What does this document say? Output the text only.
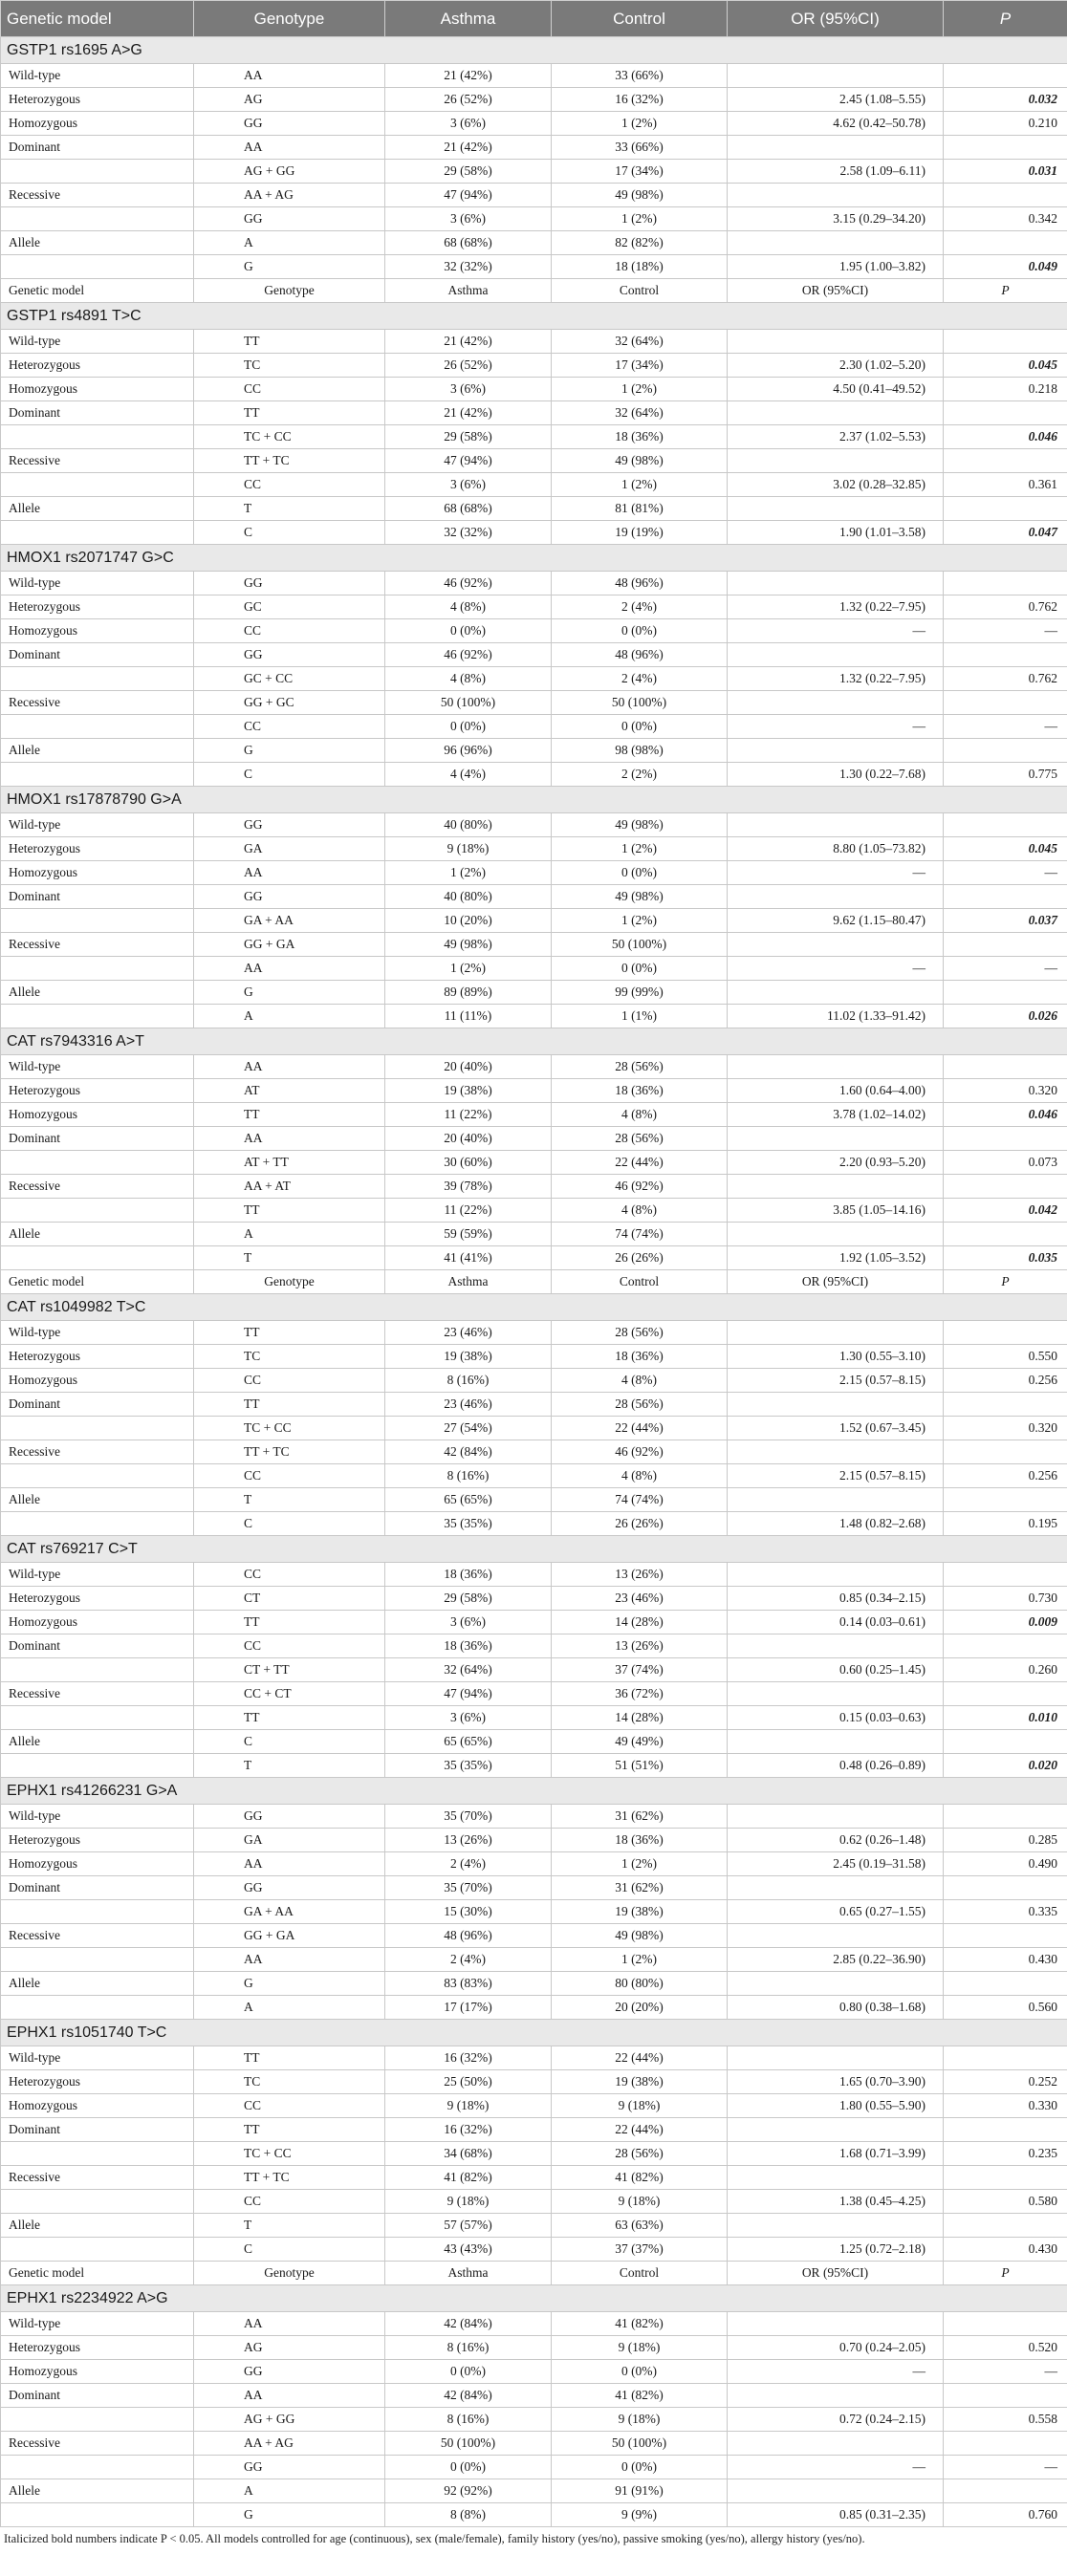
Genetic model	Genotype	Asthma	Control	OR (95%CI)	P
GSTP1 rs1695 A>G					
Wild-type	AA	21 (42%)	33 (66%)		
Heterozygous	AG	26 (52%)	16 (32%)	2.45 (1.08–5.55)	0.032
Homozygous	GG	3 (6%)	1 (2%)	4.62 (0.42–50.78)	0.210
Dominant	AA	21 (42%)	33 (66%)		
	AG + GG	29 (58%)	17 (34%)	2.58 (1.09–6.11)	0.031
Recessive	AA + AG	47 (94%)	49 (98%)		
	GG	3 (6%)	1 (2%)	3.15 (0.29–34.20)	0.342
Allele	A	68 (68%)	82 (82%)		
	G	32 (32%)	18 (18%)	1.95 (1.00–3.82)	0.049
Genetic model	Genotype	Asthma	Control	OR (95%CI)	P
GSTP1 rs4891 T>C					
Wild-type	TT	21 (42%)	32 (64%)		
Heterozygous	TC	26 (52%)	17 (34%)	2.30 (1.02–5.20)	0.045
Homozygous	CC	3 (6%)	1 (2%)	4.50 (0.41–49.52)	0.218
Dominant	TT	21 (42%)	32 (64%)		
	TC + CC	29 (58%)	18 (36%)	2.37 (1.02–5.53)	0.046
Recessive	TT + TC	47 (94%)	49 (98%)		
	CC	3 (6%)	1 (2%)	3.02 (0.28–32.85)	0.361
Allele	T	68 (68%)	81 (81%)		
	C	32 (32%)	19 (19%)	1.90 (1.01–3.58)	0.047
HMOX1 rs2071747 G>C					
Wild-type	GG	46 (92%)	48 (96%)		
Heterozygous	GC	4 (8%)	2 (4%)	1.32 (0.22–7.95)	0.762
Homozygous	CC	0 (0%)	0 (0%)	—	—
Dominant	GG	46 (92%)	48 (96%)		
	GC + CC	4 (8%)	2 (4%)	1.32 (0.22–7.95)	0.762
Recessive	GG + GC	50 (100%)	50 (100%)		
	CC	0 (0%)	0 (0%)	—	—
Allele	G	96 (96%)	98 (98%)		
	C	4 (4%)	2 (2%)	1.30 (0.22–7.68)	0.775
HMOX1 rs17878790 G>A					
Wild-type	GG	40 (80%)	49 (98%)		
Heterozygous	GA	9 (18%)	1 (2%)	8.80 (1.05–73.82)	0.045
Homozygous	AA	1 (2%)	0 (0%)	—	—
Dominant	GG	40 (80%)	49 (98%)		
	GA + AA	10 (20%)	1 (2%)	9.62 (1.15–80.47)	0.037
Recessive	GG + GA	49 (98%)	50 (100%)		
	AA	1 (2%)	0 (0%)	—	—
Allele	G	89 (89%)	99 (99%)		
	A	11 (11%)	1 (1%)	11.02 (1.33–91.42)	0.026
CAT rs7943316 A>T					
Wild-type	AA	20 (40%)	28 (56%)		
Heterozygous	AT	19 (38%)	18 (36%)	1.60 (0.64–4.00)	0.320
Homozygous	TT	11 (22%)	4 (8%)	3.78 (1.02–14.02)	0.046
Dominant	AA	20 (40%)	28 (56%)		
	AT + TT	30 (60%)	22 (44%)	2.20 (0.93–5.20)	0.073
Recessive	AA + AT	39 (78%)	46 (92%)		
	TT	11 (22%)	4 (8%)	3.85 (1.05–14.16)	0.042
Allele	A	59 (59%)	74 (74%)		
	T	41 (41%)	26 (26%)	1.92 (1.05–3.52)	0.035
Genetic model	Genotype	Asthma	Control	OR (95%CI)	P
CAT rs1049982 T>C					
Wild-type	TT	23 (46%)	28 (56%)		
Heterozygous	TC	19 (38%)	18 (36%)	1.30 (0.55–3.10)	0.550
Homozygous	CC	8 (16%)	4 (8%)	2.15 (0.57–8.15)	0.256
Dominant	TT	23 (46%)	28 (56%)		
	TC + CC	27 (54%)	22 (44%)	1.52 (0.67–3.45)	0.320
Recessive	TT + TC	42 (84%)	46 (92%)		
	CC	8 (16%)	4 (8%)	2.15 (0.57–8.15)	0.256
Allele	T	65 (65%)	74 (74%)		
	C	35 (35%)	26 (26%)	1.48 (0.82–2.68)	0.195
CAT rs769217 C>T					
Wild-type	CC	18 (36%)	13 (26%)		
Heterozygous	CT	29 (58%)	23 (46%)	0.85 (0.34–2.15)	0.730
Homozygous	TT	3 (6%)	14 (28%)	0.14 (0.03–0.61)	0.009
Dominant	CC	18 (36%)	13 (26%)		
	CT + TT	32 (64%)	37 (74%)	0.60 (0.25–1.45)	0.260
Recessive	CC + CT	47 (94%)	36 (72%)		
	TT	3 (6%)	14 (28%)	0.15 (0.03–0.63)	0.010
Allele	C	65 (65%)	49 (49%)		
	T	35 (35%)	51 (51%)	0.48 (0.26–0.89)	0.020
EPHX1 rs41266231 G>A					
Wild-type	GG	35 (70%)	31 (62%)		
Heterozygous	GA	13 (26%)	18 (36%)	0.62 (0.26–1.48)	0.285
Homozygous	AA	2 (4%)	1 (2%)	2.45 (0.19–31.58)	0.490
Dominant	GG	35 (70%)	31 (62%)		
	GA + AA	15 (30%)	19 (38%)	0.65 (0.27–1.55)	0.335
Recessive	GG + GA	48 (96%)	49 (98%)		
	AA	2 (4%)	1 (2%)	2.85 (0.22–36.90)	0.430
Allele	G	83 (83%)	80 (80%)		
	A	17 (17%)	20 (20%)	0.80 (0.38–1.68)	0.560
EPHX1 rs1051740 T>C					
Wild-type	TT	16 (32%)	22 (44%)		
Heterozygous	TC	25 (50%)	19 (38%)	1.65 (0.70–3.90)	0.252
Homozygous	CC	9 (18%)	9 (18%)	1.80 (0.55–5.90)	0.330
Dominant	TT	16 (32%)	22 (44%)		
	TC + CC	34 (68%)	28 (56%)	1.68 (0.71–3.99)	0.235
Recessive	TT + TC	41 (82%)	41 (82%)		
	CC	9 (18%)	9 (18%)	1.38 (0.45–4.25)	0.580
Allele	T	57 (57%)	63 (63%)		
	C	43 (43%)	37 (37%)	1.25 (0.72–2.18)	0.430
Genetic model	Genotype	Asthma	Control	OR (95%CI)	P
EPHX1 rs2234922 A>G					
Wild-type	AA	42 (84%)	41 (82%)		
Heterozygous	AG	8 (16%)	9 (18%)	0.70 (0.24–2.05)	0.520
Homozygous	GG	0 (0%)	0 (0%)	—	—
Dominant	AA	42 (84%)	41 (82%)		
	AG + GG	8 (16%)	9 (18%)	0.72 (0.24–2.15)	0.558
Recessive	AA + AG	50 (100%)	50 (100%)		
	GG	0 (0%)	0 (0%)	—	—
Allele	A	92 (92%)	91 (91%)		
	G	8 (8%)	9 (9%)	0.85 (0.31–2.35)	0.760
Italicized bold numbers indicate P < 0.05. All models controlled for age (continuous), sex (male/female), family history (yes/no), passive smoking (yes/no), allergy history (yes/no).
